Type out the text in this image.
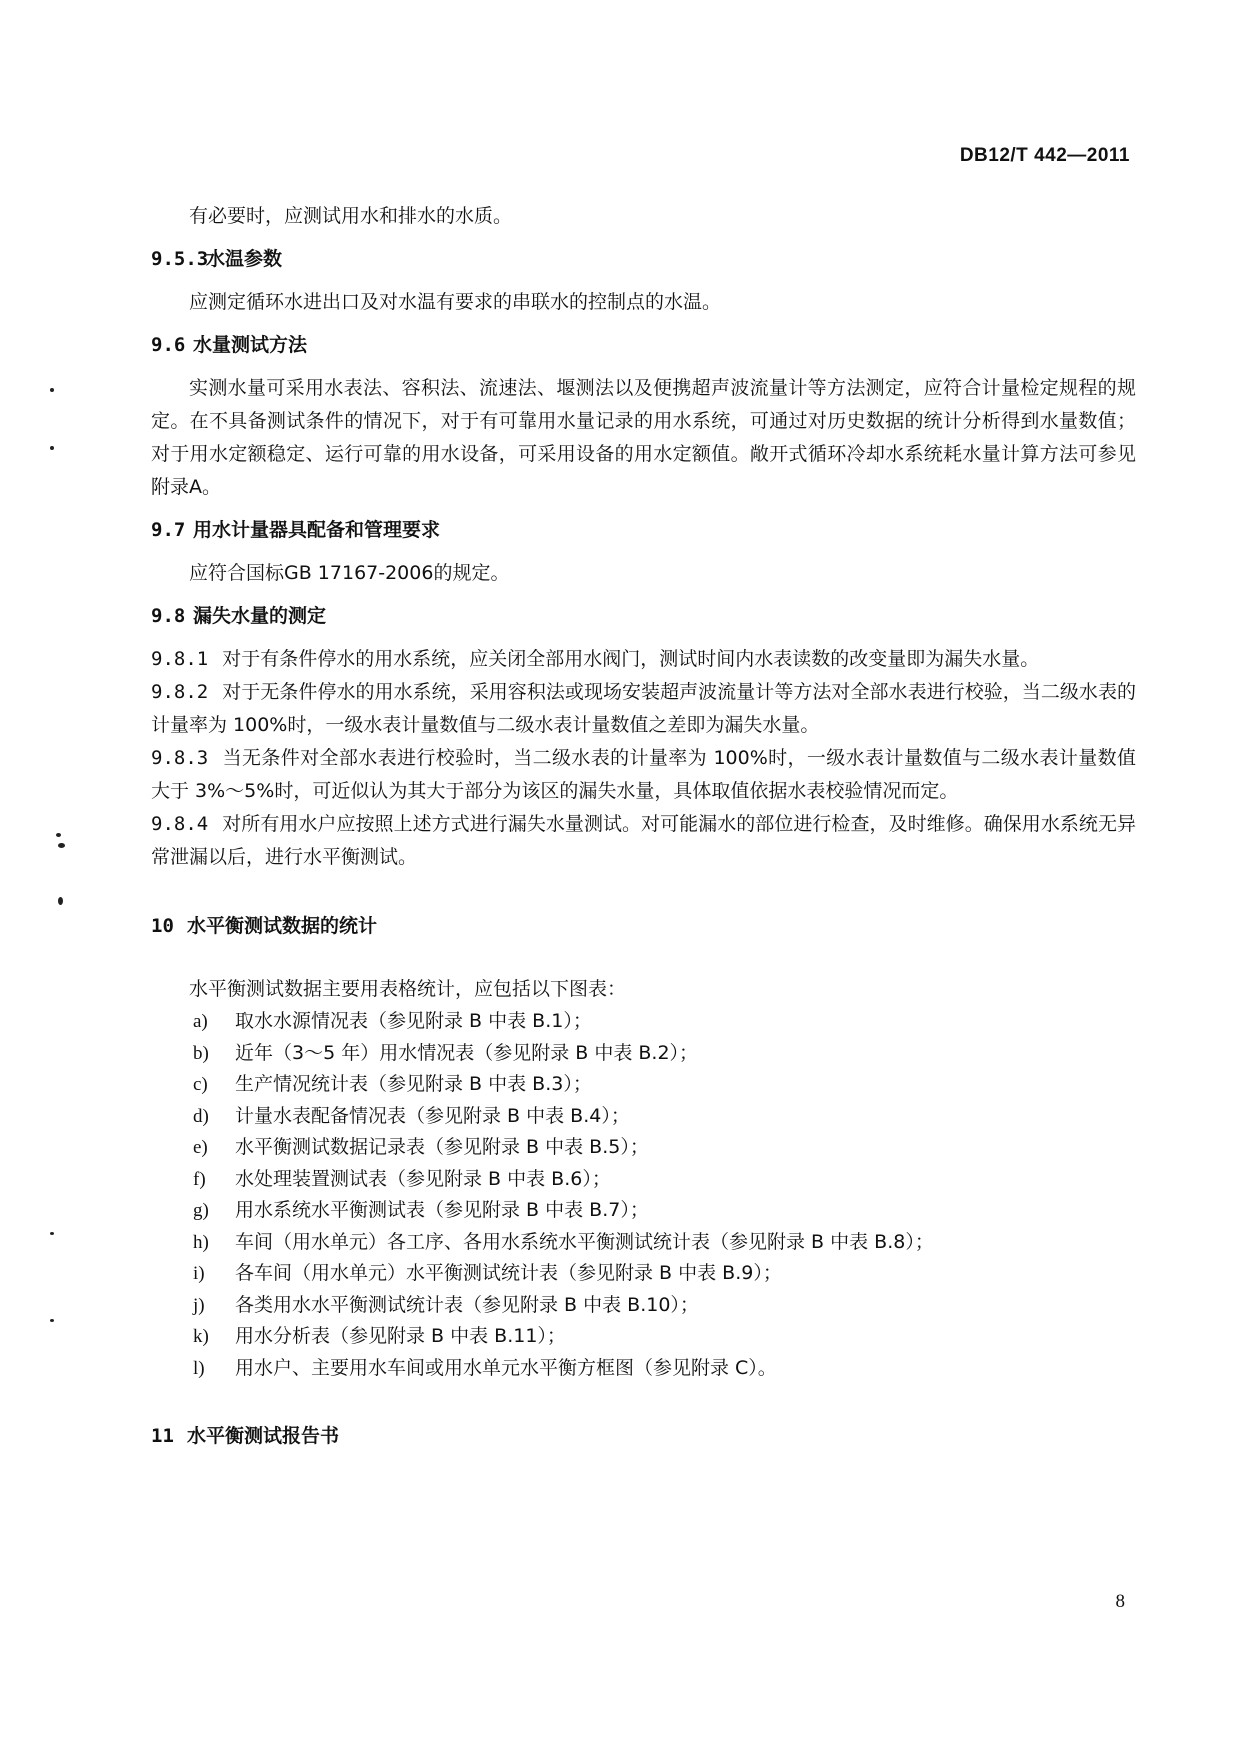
DB12/T 442—2011
有必要时，应测试用水和排水的水质。
9.5.3水温参数
应测定循环水进出口及对水温有要求的串联水的控制点的水温。
9.6 水量测试方法
实测水量可采用水表法、容积法、流速法、堰测法以及便携超声波流量计等方法测定，应符合计量检定规程的规定。在不具备测试条件的情况下，对于有可靠用水量记录的用水系统，可通过对历史数据的统计分析得到水量数值；对于用水定额稳定、运行可靠的用水设备，可采用设备的用水定额值。敞开式循环冷却水系统耗水量计算方法可参见附录A。
9.7 用水计量器具配备和管理要求
应符合国标GB 17167-2006的规定。
9.8 漏失水量的测定
9.8.1 对于有条件停水的用水系统，应关闭全部用水阀门，测试时间内水表读数的改变量即为漏失水量。
9.8.2 对于无条件停水的用水系统，采用容积法或现场安装超声波流量计等方法对全部水表进行校验，当二级水表的计量率为 100%时，一级水表计量数值与二级水表计量数值之差即为漏失水量。
9.8.3 当无条件对全部水表进行校验时，当二级水表的计量率为 100%时，一级水表计量数值与二级水表计量数值大于 3%～5%时，可近似认为其大于部分为该区的漏失水量，具体取值依据水表校验情况而定。
9.8.4 对所有用水户应按照上述方式进行漏失水量测试。对可能漏水的部位进行检查，及时维修。确保用水系统无异常泄漏以后，进行水平衡测试。
10 水平衡测试数据的统计
水平衡测试数据主要用表格统计，应包括以下图表：
a) 取水水源情况表（参见附录 B 中表 B.1）；
b) 近年（3～5 年）用水情况表（参见附录 B 中表 B.2）；
c) 生产情况统计表（参见附录 B 中表 B.3）；
d) 计量水表配备情况表（参见附录 B 中表 B.4）；
e) 水平衡测试数据记录表（参见附录 B 中表 B.5）；
f) 水处理装置测试表（参见附录 B 中表 B.6）；
g) 用水系统水平衡测试表（参见附录 B 中表 B.7）；
h) 车间（用水单元）各工序、各用水系统水平衡测试统计表（参见附录 B 中表 B.8）；
i) 各车间（用水单元）水平衡测试统计表（参见附录 B 中表 B.9）；
j) 各类用水水平衡测试统计表（参见附录 B 中表 B.10）；
k) 用水分析表（参见附录 B 中表 B.11）；
l) 用水户、主要用水车间或用水单元水平衡方框图（参见附录 C）。
11 水平衡测试报告书
8
